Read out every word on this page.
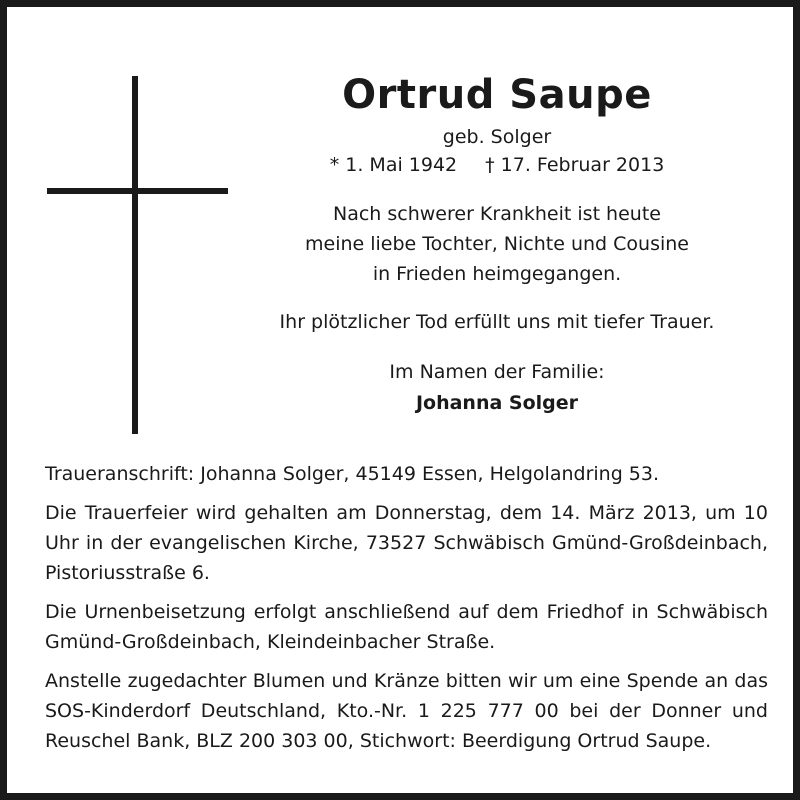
Ortrud Saupe
geb. Solger
* 1. Mai 1942 † 17. Februar 2013
Nach schwerer Krankheit ist heute
meine liebe Tochter, Nichte und Cousine
in Frieden heimgegangen.
Ihr plötzlicher Tod erfüllt uns mit tiefer Trauer.
Im Namen der Familie:
Johanna Solger

Traueranschrift: Johanna Solger, 45149 Essen, Helgolandring 53.

Die Trauerfeier wird gehalten am Donnerstag, dem 14. März 2013, um 10 Uhr in der evangelischen Kirche, 73527 Schwäbisch Gmünd-Großdeinbach, Pistoriusstraße 6.

Die Urnenbeisetzung erfolgt anschließend auf dem Friedhof in Schwäbisch Gmünd-Großdeinbach, Kleindeinbacher Straße.

Anstelle zugedachter Blumen und Kränze bitten wir um eine Spende an das SOS-Kinderdorf Deutschland, Kto.-Nr. 1 225 777 00 bei der Donner und Reuschel Bank, BLZ 200 303 00, Stichwort: Beerdigung Ortrud Saupe.
